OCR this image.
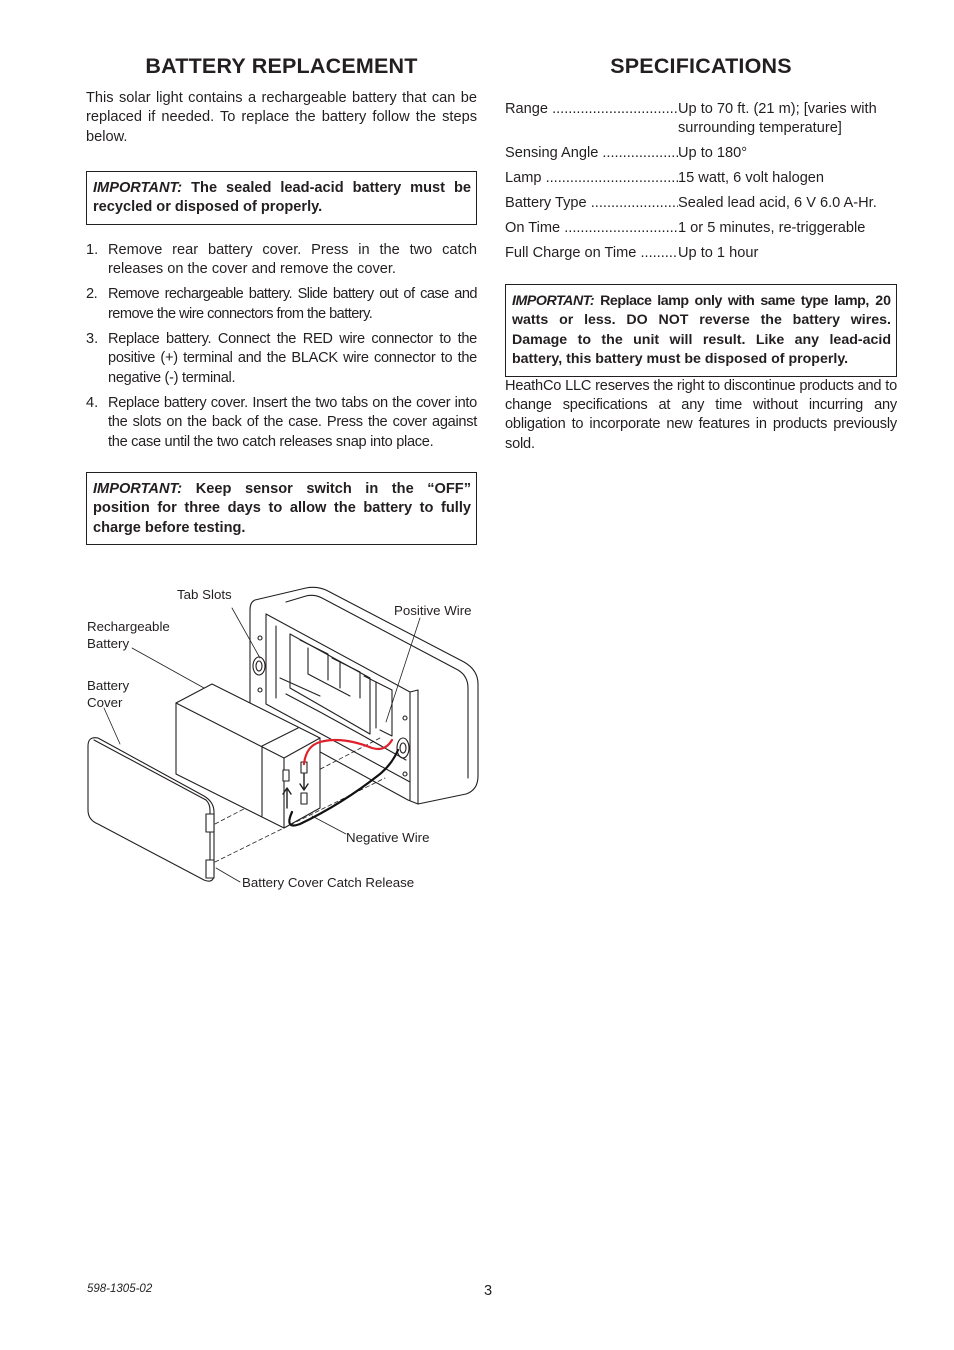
BATTERY REPLACEMENT

This solar light contains a rechargeable battery that can be replaced if needed. To replace the battery follow the steps below.

IMPORTANT: The sealed lead-acid battery must be recycled or disposed of properly.
1. Remove rear battery cover. Press in the two catch releases on the cover and remove the cover.
2. Remove rechargeable battery. Slide battery out of case and remove the wire connectors from the battery.
3. Replace battery. Connect the RED wire connector to the positive (+) terminal and the BLACK wire connector to the negative (-) terminal.
4. Replace battery cover. Insert the two tabs on the cover into the slots on the back of the case. Press the cover against the case until the two catch releases snap into place.
IMPORTANT: Keep sensor switch in the “OFF” position for three days to allow the battery to fully charge before testing.
SPECIFICATIONS
Range .....	Up to 70 ft. (21 m); [varies with surrounding temperature]
Sensing Angle .....	Up to 180°
Lamp .....	15 watt, 6 volt halogen
Battery Type .....	Sealed lead acid, 6 V 6.0 A-Hr.
On Time .....	1 or 5 minutes, re-triggerable
Full Charge on Time .....	Up to 1 hour
IMPORTANT: Replace lamp only with same type lamp, 20 watts or less. DO NOT reverse the battery wires. Damage to the unit will result. Like any lead-acid battery, this battery must be disposed of properly.

HeathCo LLC reserves the right to discontinue products and to change specifications at any time without incurring any obligation to incorporate new features in products previously sold.

Tab Slots
Positive Wire
Rechargeable
Battery
Battery
Cover
Negative Wire
Battery Cover Catch Release
598-1305-02	3
